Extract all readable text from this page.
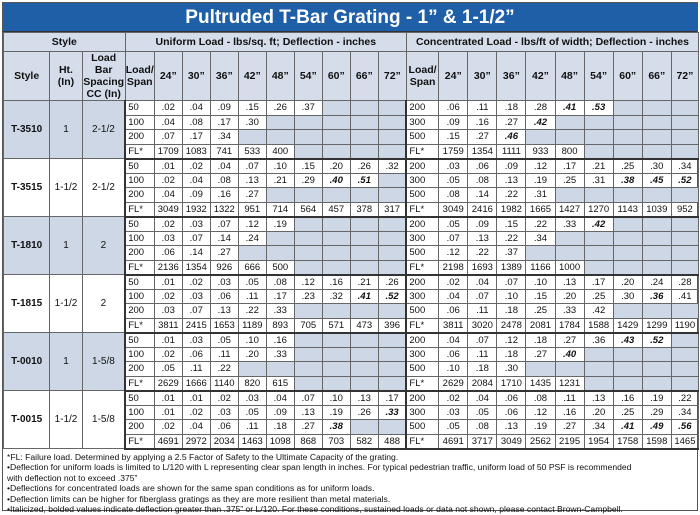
Pultruded T-Bar Grating - 1” & 1-1/2”
Style			Uniform Load - lbs/sq. ft; Deflection - inches										Concentrated Load - lbs/ft of width; Deflection - inches									
Style	Ht. (In)	Load Bar Spacing CC (In)	Load/ Span	24”	30”	36”	42”	48”	54”	60”	66”	72”	Load/ Span	24”	30”	36”	42”	48”	54”	60”	66”	72”
T-3510	1	2-1/2	50	.02	.04	.09	.15	.26	.37				200	.06	.11	.18	.28	.41	.53			
			100	.04	.08	.17	.30						300	.09	.16	.27	.42					
			200	.07	.17	.34							500	.15	.27	.46						
			FL*	1709	1083	741	533	400					FL*	1759	1354	1111	933	800				
T-3515	1-1/2	2-1/2	50	.01	.02	.04	.07	.10	.15	.20	.26	.32	200	.03	.06	.09	.12	.17	.21	.25	.30	.34
			100	.02	.04	.08	.13	.21	.29	.40	.51		300	.05	.08	.13	.19	.25	.31	.38	.45	.52
			200	.04	.09	.16	.27						500	.08	.14	.22	.31					
			FL*	3049	1932	1322	951	714	564	457	378	317	FL*	3049	2416	1982	1665	1427	1270	1143	1039	952
T-1810	1	2	50	.02	.03	.07	.12	.19					200	.05	.09	.15	.22	.33	.42			
			100	.03	.07	.14	.24						300	.07	.13	.22	.34					
			200	.06	.14	.27							500	.12	.22	.37						
			FL*	2136	1354	926	666	500					FL*	2198	1693	1389	1166	1000				
T-1815	1-1/2	2	50	.01	.02	.03	.05	.08	.12	.16	.21	.26	200	.02	.04	.07	.10	.13	.17	.20	.24	.28
			100	.02	.03	.06	.11	.17	.23	.32	.41	.52	300	.04	.07	.10	.15	.20	.25	.30	.36	.41
			200	.03	.07	.13	.22	.33					500	.06	.11	.18	.25	.33	.42			
			FL*	3811	2415	1653	1189	893	705	571	473	396	FL*	3811	3020	2478	2081	1784	1588	1429	1299	1190
T-0010	1	1-5/8	50	.01	.03	.05	.10	.16					200	.04	.07	.12	.18	.27	.36	.43	.52	
			100	.02	.06	.11	.20	.33					300	.06	.11	.18	.27	.40				
			200	.05	.11	.22							500	.10	.18	.30						
			FL*	2629	1666	1140	820	615					FL*	2629	2084	1710	1435	1231				
T-0015	1-1/2	1-5/8	50	.01	.01	.02	.03	.04	.07	.10	.13	.17	200	.02	.04	.06	.08	.11	.13	.16	.19	.22
			100	.01	.02	.03	.05	.09	.13	.19	.26	.33	300	.03	.05	.06	.12	.16	.20	.25	.29	.34
			200	.02	.04	.06	.11	.18	.27	.38			500	.05	.08	.13	.19	.27	.34	.41	.49	.56
			FL*	4691	2972	2034	1463	1098	868	703	582	488	FL*	4691	3717	3049	2562	2195	1954	1758	1598	1465
*FL: Failure load. Determined by applying a 2.5 Factor of Safety to the Ultimate Capacity of the grating.
•Deflection for uniform loads is limited to L/120 with L representing clear span length in inches. For typical pedestrian traffic, uniform load of 50 PSF is recommended
with deflection not to exceed .375”
•Deflections for concentrated loads are shown for the same span conditions as for uniform loads.
•Deflection limits can be higher for fiberglass gratings as they are more resilient than metal materials.
•Italicized, bolded values indicate deflection greater than .375” or L/120. For these conditions, sustained loads or data not shown, please contact Brown-Campbell.
